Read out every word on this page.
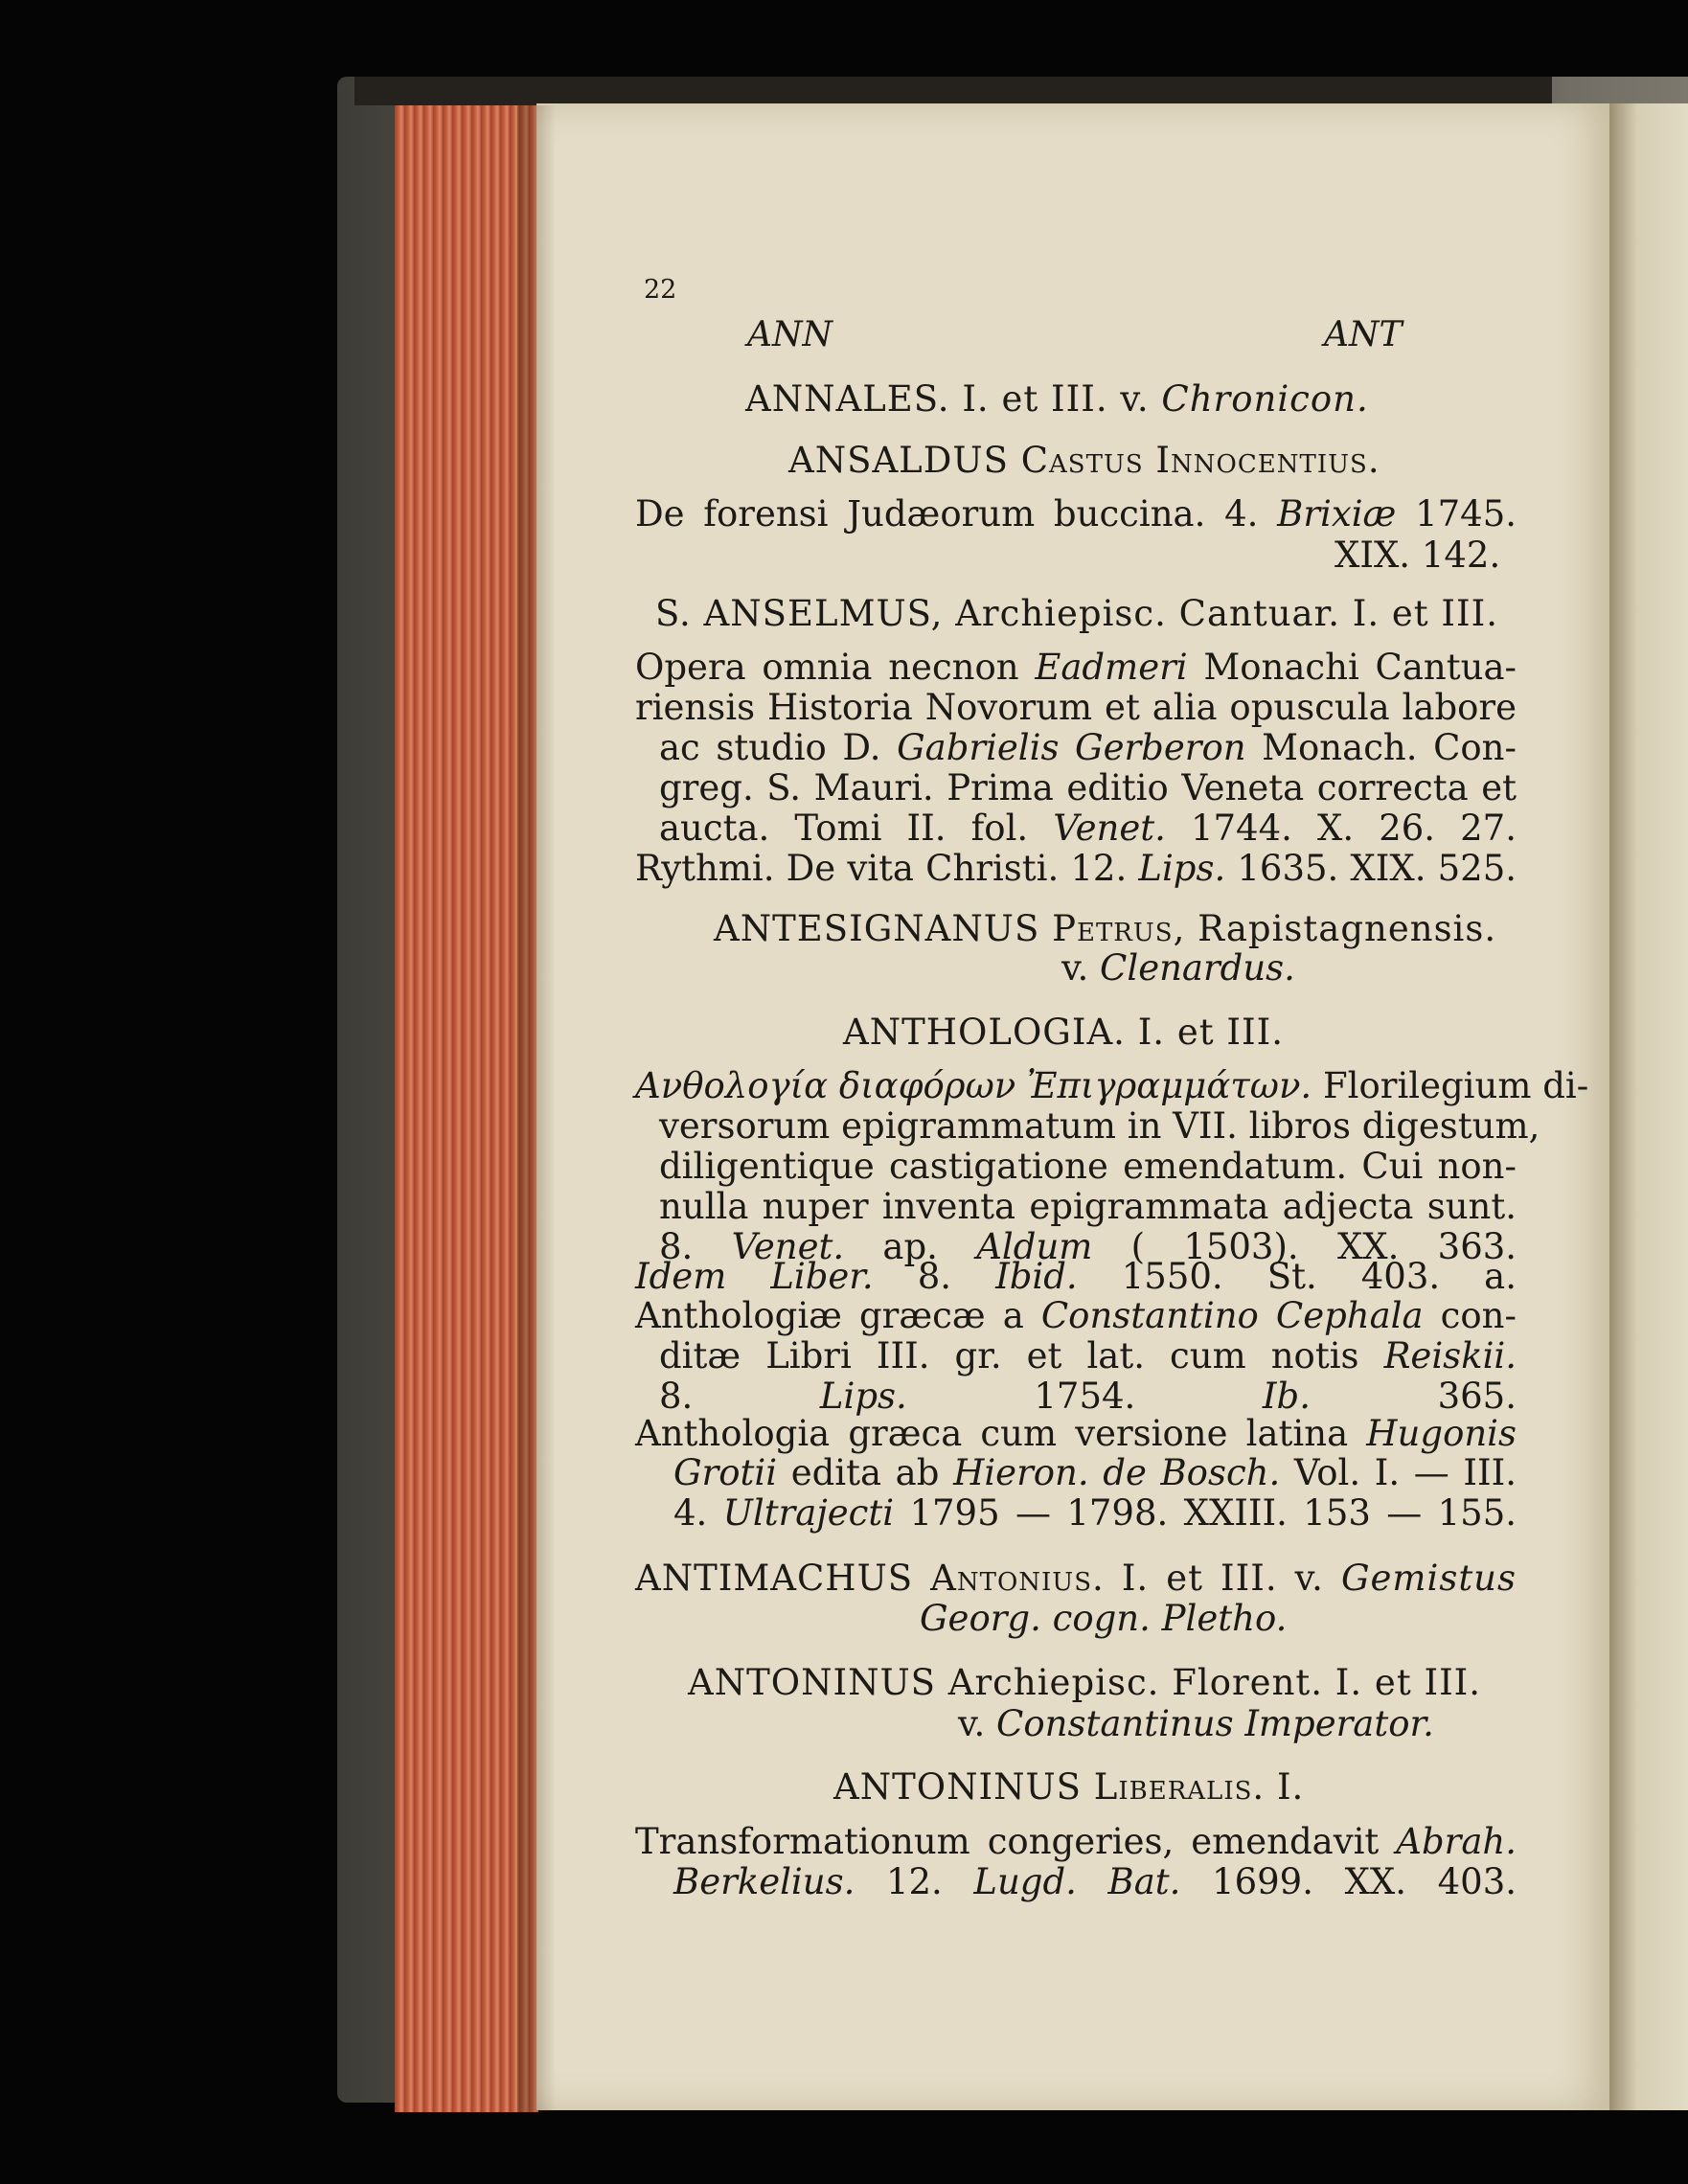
22
ANN	ANT
ANNALES. I. et III. v. Chronicon.
ANSALDUS Castus Innocentius.
De forensi Judæorum buccina. 4. Brixiæ 1745.
XIX. 142.
S. ANSELMUS, Archiepisc. Cantuar. I. et III.
Opera omnia necnon Eadmeri Monachi Cantua-
riensis Historia Novorum et alia opuscula labore
ac studio D. Gabrielis Gerberon Monach. Con-
greg. S. Mauri. Prima editio Veneta correcta et
aucta. Tomi II. fol. Venet. 1744. X. 26. 27.
Rythmi. De vita Christi. 12. Lips. 1635. XIX. 525.
ANTESIGNANUS Petrus, Rapistagnensis.
v. Clenardus.
ANTHOLOGIA. I. et III.
Ανθολογία διαφόρων Ἐπιγραμμάτων. Florilegium di-
versorum epigrammatum in VII. libros digestum,
diligentique castigatione emendatum. Cui non-
nulla nuper inventa epigrammata adjecta sunt.
8. Venet. ap. Aldum ( 1503). XX. 363.
Idem Liber. 8. Ibid. 1550. St. 403. a.
Anthologiæ græcæ a Constantino Cephala con-
ditæ Libri III. gr. et lat. cum notis Reiskii.
8.	Lips.	1754.	Ib.	365.
Anthologia græca cum versione latina Hugonis
Grotii edita ab Hieron. de Bosch. Vol. I. — III.
4. Ultrajecti 1795 — 1798. XXIII. 153 — 155.
ANTIMACHUS Antonius. I. et III. v. Gemistus
Georg. cogn. Pletho.
ANTONINUS Archiepisc. Florent. I. et III.
v. Constantinus Imperator.
ANTONINUS Liberalis. I.
Transformationum congeries, emendavit Abrah.
Berkelius. 12. Lugd. Bat. 1699. XX. 403.
